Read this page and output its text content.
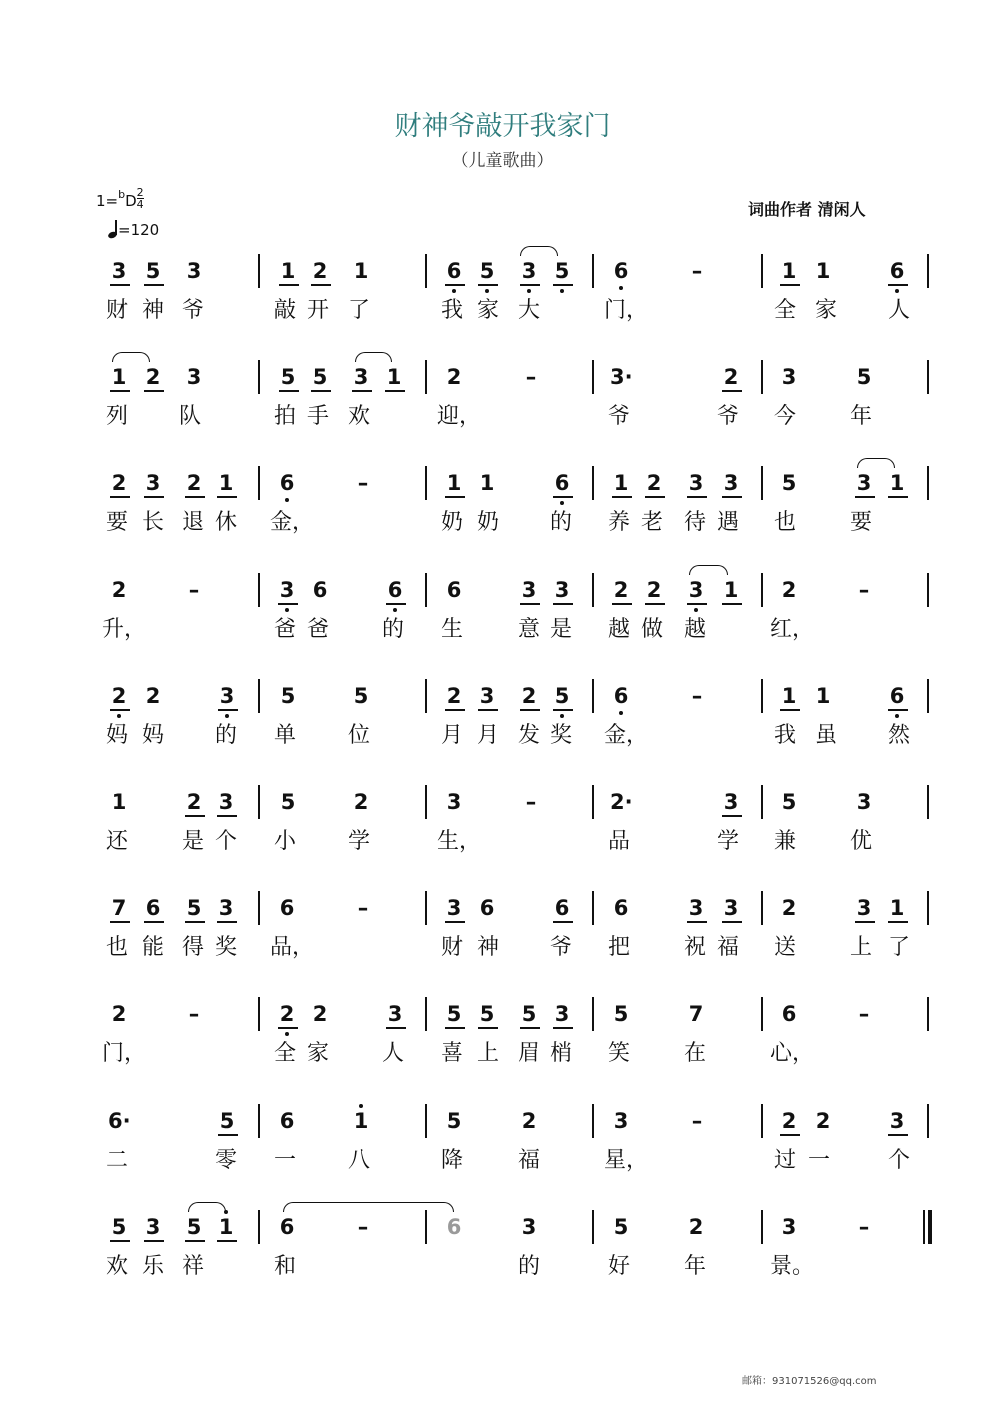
财神爷敲开我家门
（儿童歌曲）
$1=^bD \frac{2}{4}$
=120
词曲作者 清闲人
3 5 3	1 2 1	6 5 3 5 6	–	1 1	6
财 神 爷	敲 开 了	我 家 大	门，	全 家 人
1 2 3	5 5 3 1 2	–	3·	2 3	5
列 队	拍 手 欢	迎，	爷	爷 今 年
2 3 2 1 6	–	1 1	6 1 2 3 3 5	3 1
要 长 退 休 金，	奶 奶 的 养 老 待 遇 也 要
2	–	3 6	6 6	3 3 2 2 3 1 2	–
升，	爸 爸 的 生 意 是 越 做 越	红，
2 2	3 5	5	2 3 2 5 6	–	1 1	6
妈 妈 的 单 位	月 月 发 奖 金，	我 虽 然
1	2 3 5	2	3	–	2·	3 5	3
还 是 个 小 学	生，	品	学 兼 优
7 6 5 3 6	–	3 6	6 6	3 3 2	3 1
也 能 得 奖 品，	财 神 爷 把 祝 福 送 上 了
2	–	2 2	3 5 5 5 3 5	7	6	–
门，	全 家 人 喜 上 眉 梢 笑 在	心，
6·	5 6	1	5	2	3	–	2 2	3
二	零 一 八	降 福	星，	过 一	个
5 3 5 1 6	–	6	3	5	2	3	–
欢 乐 祥	和	的	好 年	景。
邮箱：931071526@qq.com
